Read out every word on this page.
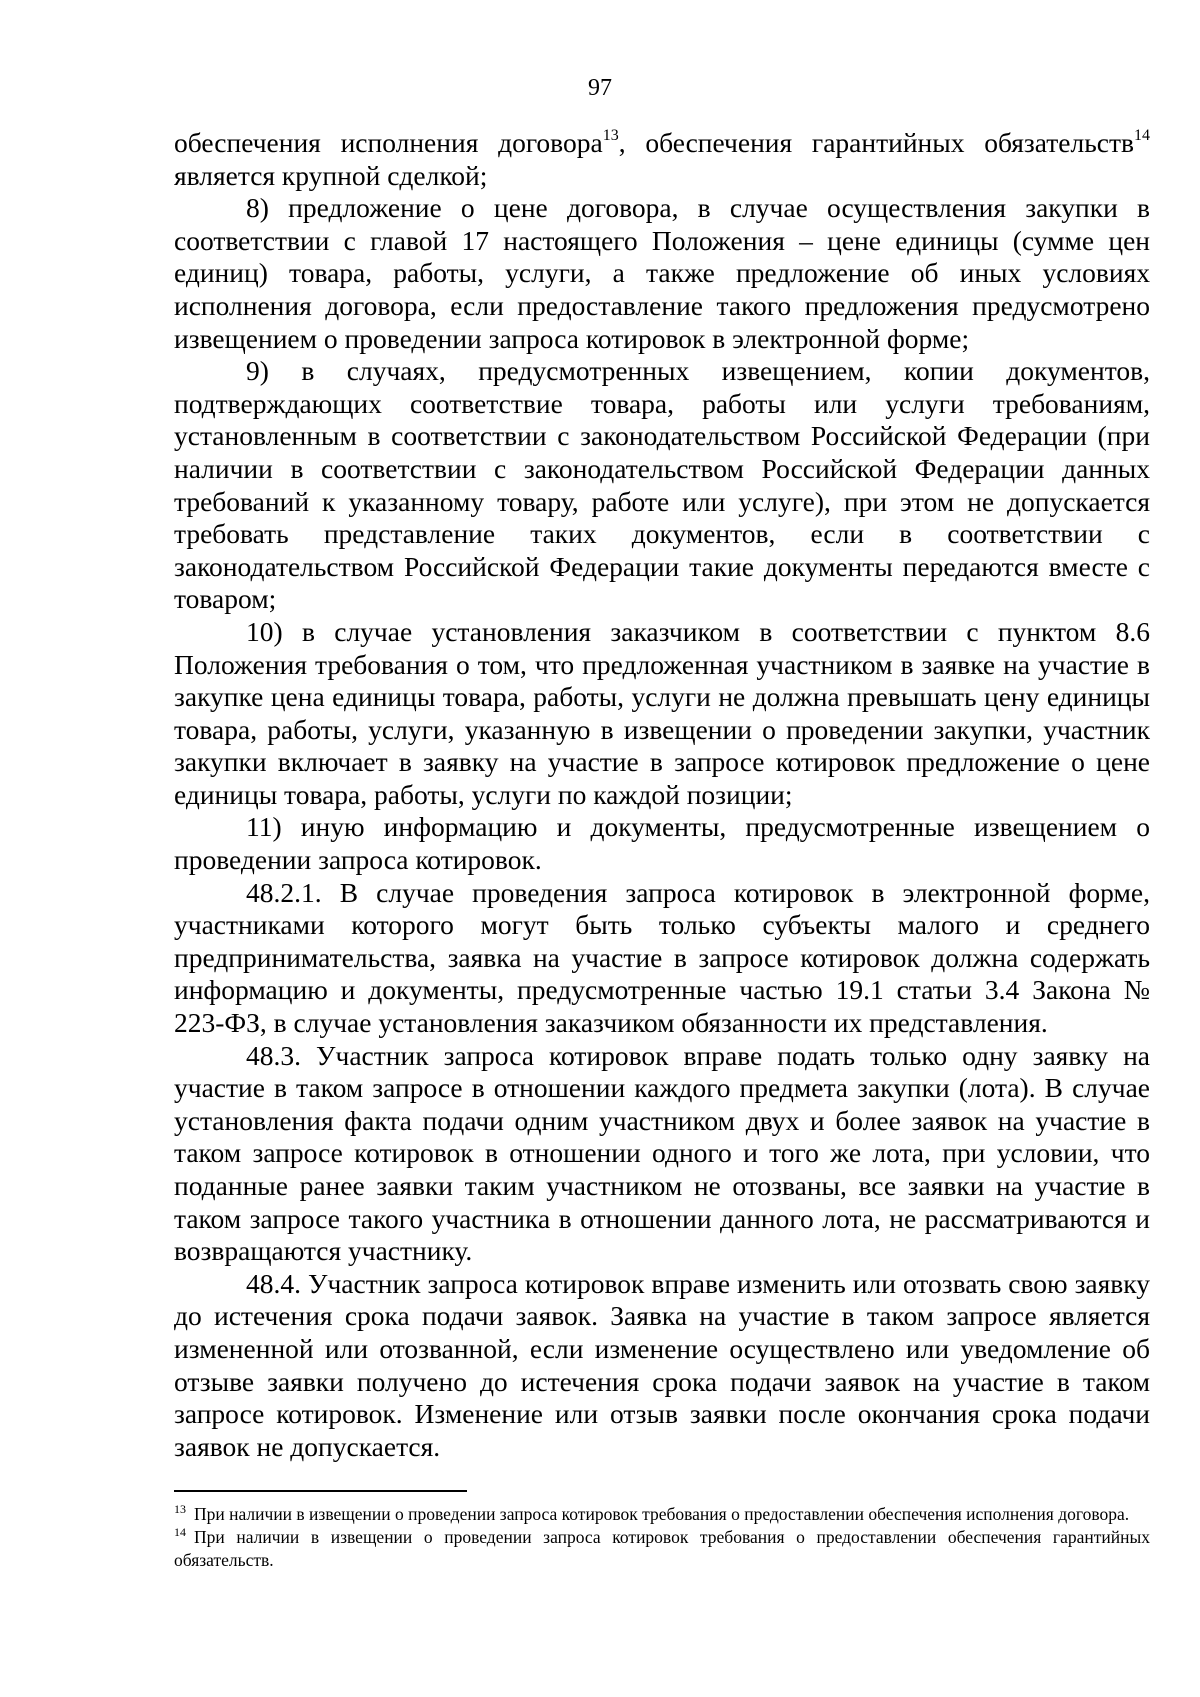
97

обеспечения исполнения договора$^{13}$, обеспечения гарантийных обязательств$^{14}$ является крупной сделкой;

8) предложение о цене договора, в случае осуществления закупки в соответствии с главой 17 настоящего Положения – цене единицы (сумме цен единиц) товара, работы, услуги, а также предложение об иных условиях исполнения договора, если предоставление такого предложения предусмотрено извещением о проведении запроса котировок в электронной форме;

9) в случаях, предусмотренных извещением, копии документов, подтверждающих соответствие товара, работы или услуги требованиям, установленным в соответствии с законодательством Российской Федерации (при наличии в соответствии с законодательством Российской Федерации данных требований к указанному товару, работе или услуге), при этом не допускается требовать представление таких документов, если в соответствии с законодательством Российской Федерации такие документы передаются вместе с товаром;

10) в случае установления заказчиком в соответствии с пунктом 8.6 Положения требования о том, что предложенная участником в заявке на участие в закупке цена единицы товара, работы, услуги не должна превышать цену единицы товара, работы, услуги, указанную в извещении о проведении закупки, участник закупки включает в заявку на участие в запросе котировок предложение о цене единицы товара, работы, услуги по каждой позиции;

11) иную информацию и документы, предусмотренные извещением о проведении запроса котировок.

48.2.1. В случае проведения запроса котировок в электронной форме, участниками которого могут быть только субъекты малого и среднего предпринимательства, заявка на участие в запросе котировок должна содержать информацию и документы, предусмотренные частью 19.1 статьи 3.4 Закона № 223-ФЗ, в случае установления заказчиком обязанности их представления.

48.3. Участник запроса котировок вправе подать только одну заявку на участие в таком запросе в отношении каждого предмета закупки (лота). В случае установления факта подачи одним участником двух и более заявок на участие в таком запросе котировок в отношении одного и того же лота, при условии, что поданные ранее заявки таким участником не отозваны, все заявки на участие в таком запросе такого участника в отношении данного лота, не рассматриваются и возвращаются участнику.

48.4. Участник запроса котировок вправе изменить или отозвать свою заявку до истечения срока подачи заявок. Заявка на участие в таком запросе является измененной или отозванной, если изменение осуществлено или уведомление об отзыве заявки получено до истечения срока подачи заявок на участие в таком запросе котировок. Изменение или отзыв заявки после окончания срока подачи заявок не допускается.

$^{13}$ При наличии в извещении о проведении запроса котировок требования о предоставлении обеспечения исполнения договора.

$^{14}$ При наличии в извещении о проведении запроса котировок требования о предоставлении обеспечения гарантийных обязательств.
